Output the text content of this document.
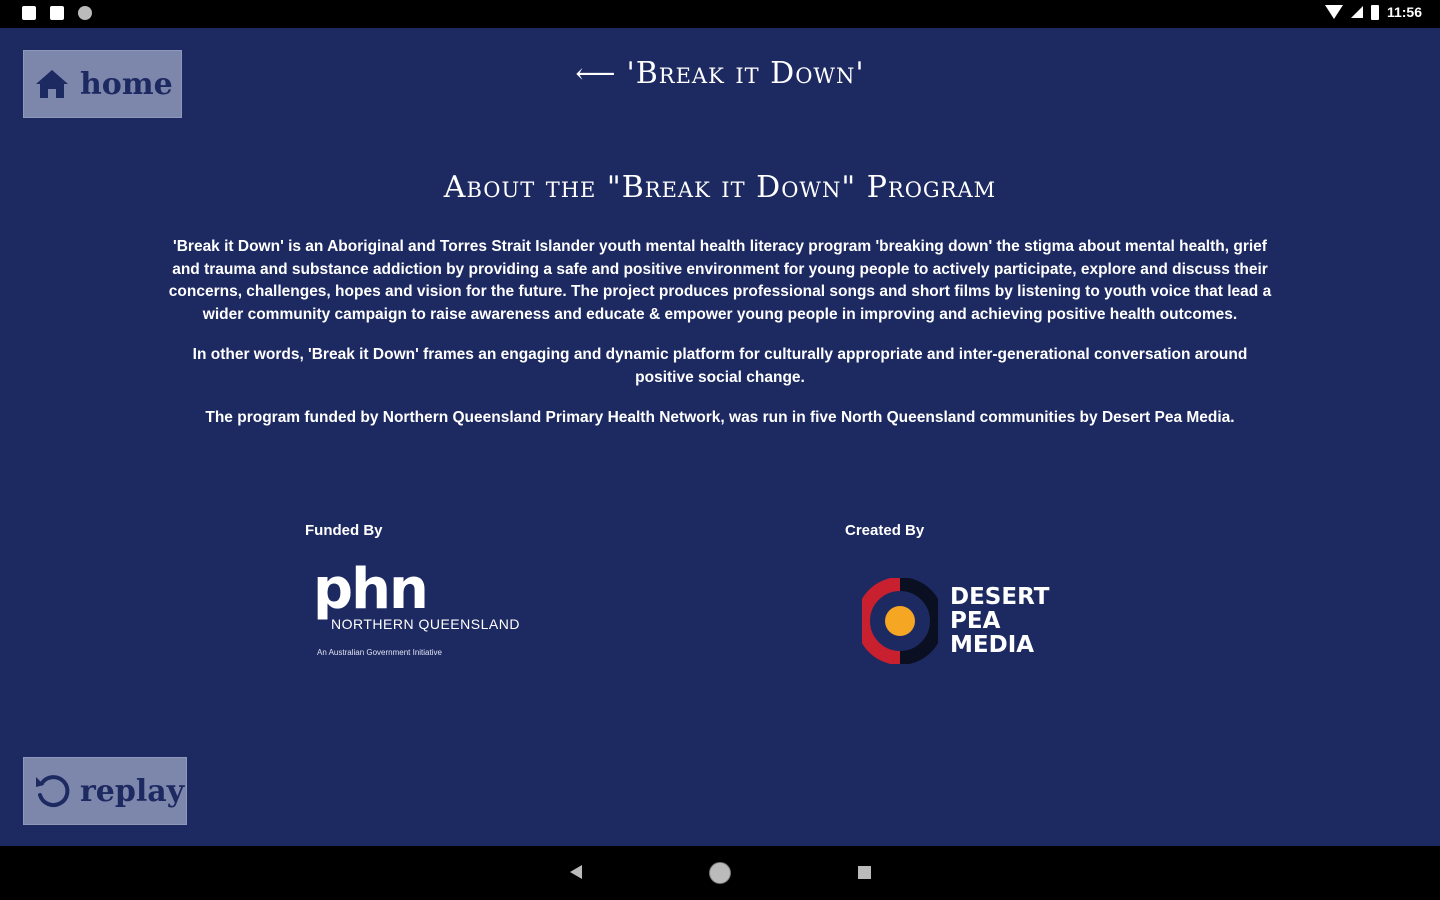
11:56
home	⟵ 'Break it Down'
About the "Break it Down" Program

'Break it Down' is an Aboriginal and Torres Strait Islander youth mental health literacy program 'breaking down' the stigma about mental health, grief and trauma and substance addiction by providing a safe and positive environment for young people to actively participate, explore and discuss their concerns, challenges, hopes and vision for the future. The project produces professional songs and short films by listening to youth voice that lead a wider community campaign to raise awareness and educate & empower young people in improving and achieving positive health outcomes.

In other words, 'Break it Down' frames an engaging and dynamic platform for culturally appropriate and inter-generational conversation around positive social change.

The program funded by Northern Queensland Primary Health Network, was run in five North Queensland communities by Desert Pea Media.

Funded By	Created By
phn
NORTHERN QUEENSLAND
An Australian Government Initiative
DESERT
PEA
MEDIA
replay
